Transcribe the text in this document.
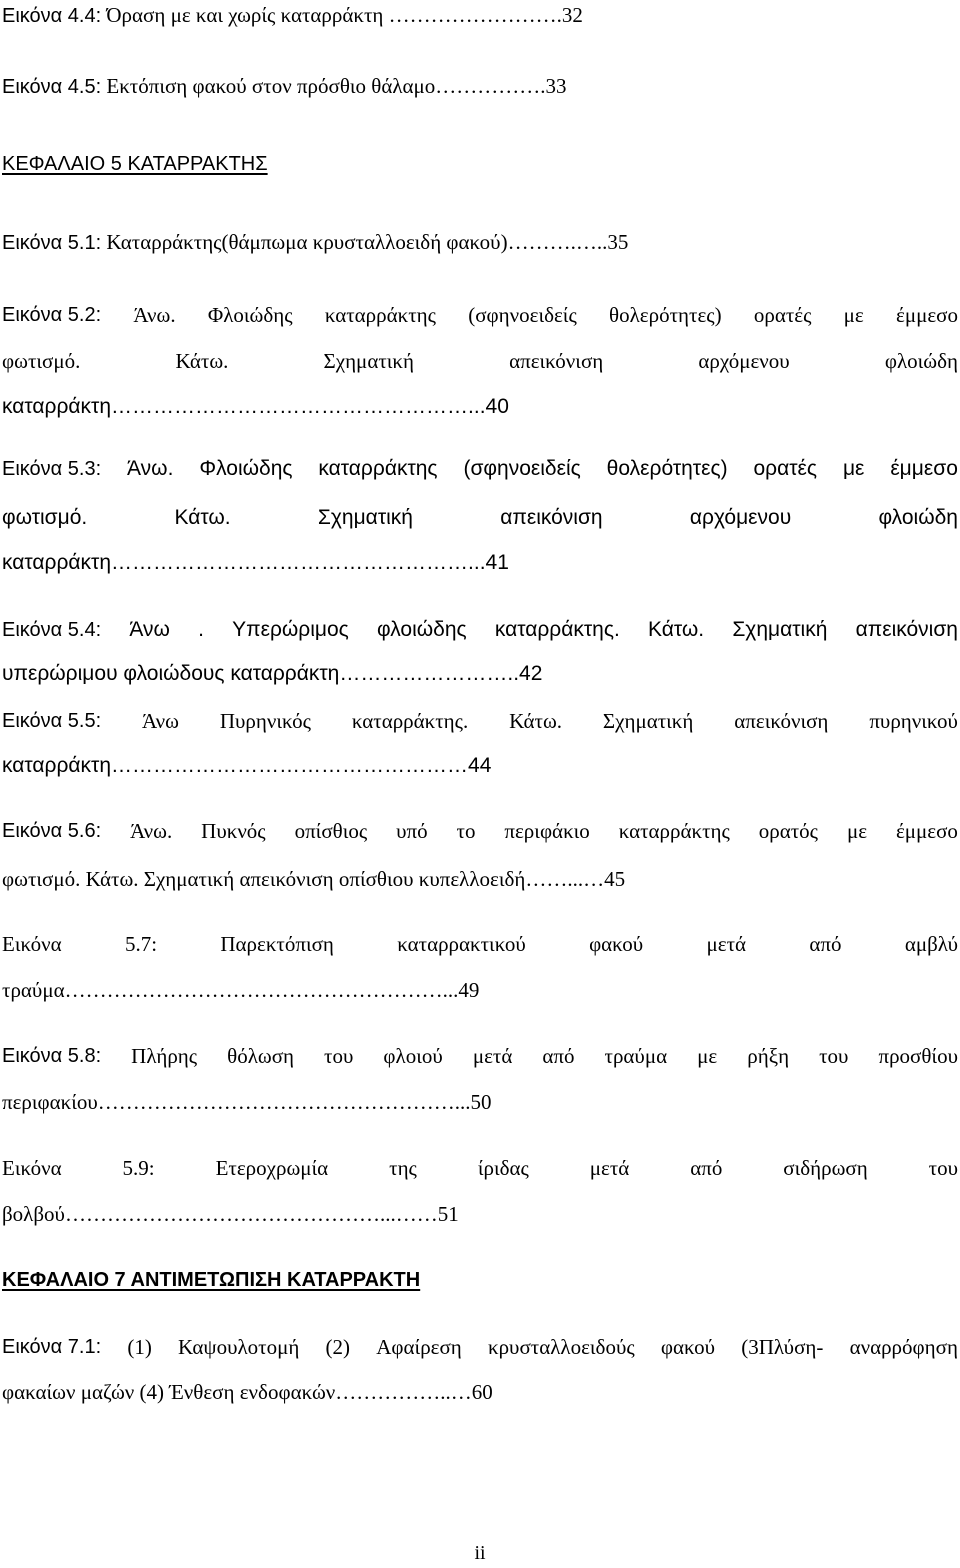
Εικόνα 4.4: Όραση με και χωρίς καταρράκτη …………………….32
Εικόνα 4.5: Εκτόπιση φακού στον πρόσθιο θάλαμο…………….33
ΚΕΦΑΛΑΙΟ 5 ΚΑΤΑΡΡΑΚΤΗΣ
Εικόνα 5.1: Καταρράκτης(θάμπωμα κρυσταλλοειδή φακού)……….…..35
Εικόνα 5.2: Άνω. Φλοιώδης καταρράκτης (σφηνοειδείς θολερότητες) ορατές με έμμεσο
φωτισμό.	Κάτω.	Σχηματική	απεικόνιση	αρχόμενου	φλοιώδη
καταρράκτη……………………………………………...40
Εικόνα 5.3: Άνω. Φλοιώδης καταρράκτης (σφηνοειδείς θολερότητες) ορατές με έμμεσο
φωτισμό.	Κάτω.	Σχηματική	απεικόνιση	αρχόμενου	φλοιώδη
καταρράκτη……………………………………………...41
Εικόνα 5.4: Άνω . Υπερώριμος φλοιώδης καταρράκτης. Κάτω. Σχηματική απεικόνιση
υπερώριμου φλοιώδους καταρράκτη……………………..42
Εικόνα 5.5: Άνω Πυρηνικός καταρράκτης. Κάτω. Σχηματική απεικόνιση πυρηνικού
καταρράκτη……………………………………………44
Εικόνα 5.6: Άνω. Πυκνός οπίσθιος υπό το περιφάκιο καταρράκτης ορατός με έμμεσο
φωτισμό. Κάτω. Σχηματική απεικόνιση οπίσθιου κυπελλοειδή……...…45
Εικόνα	5.7:	Παρεκτόπιση	καταρρακτικού	φακού	μετά	από	αμβλύ
τραύμα………………………………………………...49
Εικόνα 5.8: Πλήρης θόλωση του φλοιού μετά από τραύμα με ρήξη του προσθίου
περιφακίου……………………………………………...50
Εικόνα	5.9:	Ετεροχρωμία	της	ίριδας	μετά	από	σιδήρωση	του
βολβού………………………………………...……51
ΚΕΦΑΛΑΙΟ 7 ΑΝΤΙΜΕΤΩΠΙΣΗ ΚΑΤΑΡΡΑΚΤΗ
Εικόνα 7.1: (1) Καψουλοτομή (2) Αφαίρεση κρυσταλλοειδούς φακού (3Πλύση- αναρρόφηση
φακαίων μαζών (4) Ένθεση ενδοφακών……………..…60
ii
